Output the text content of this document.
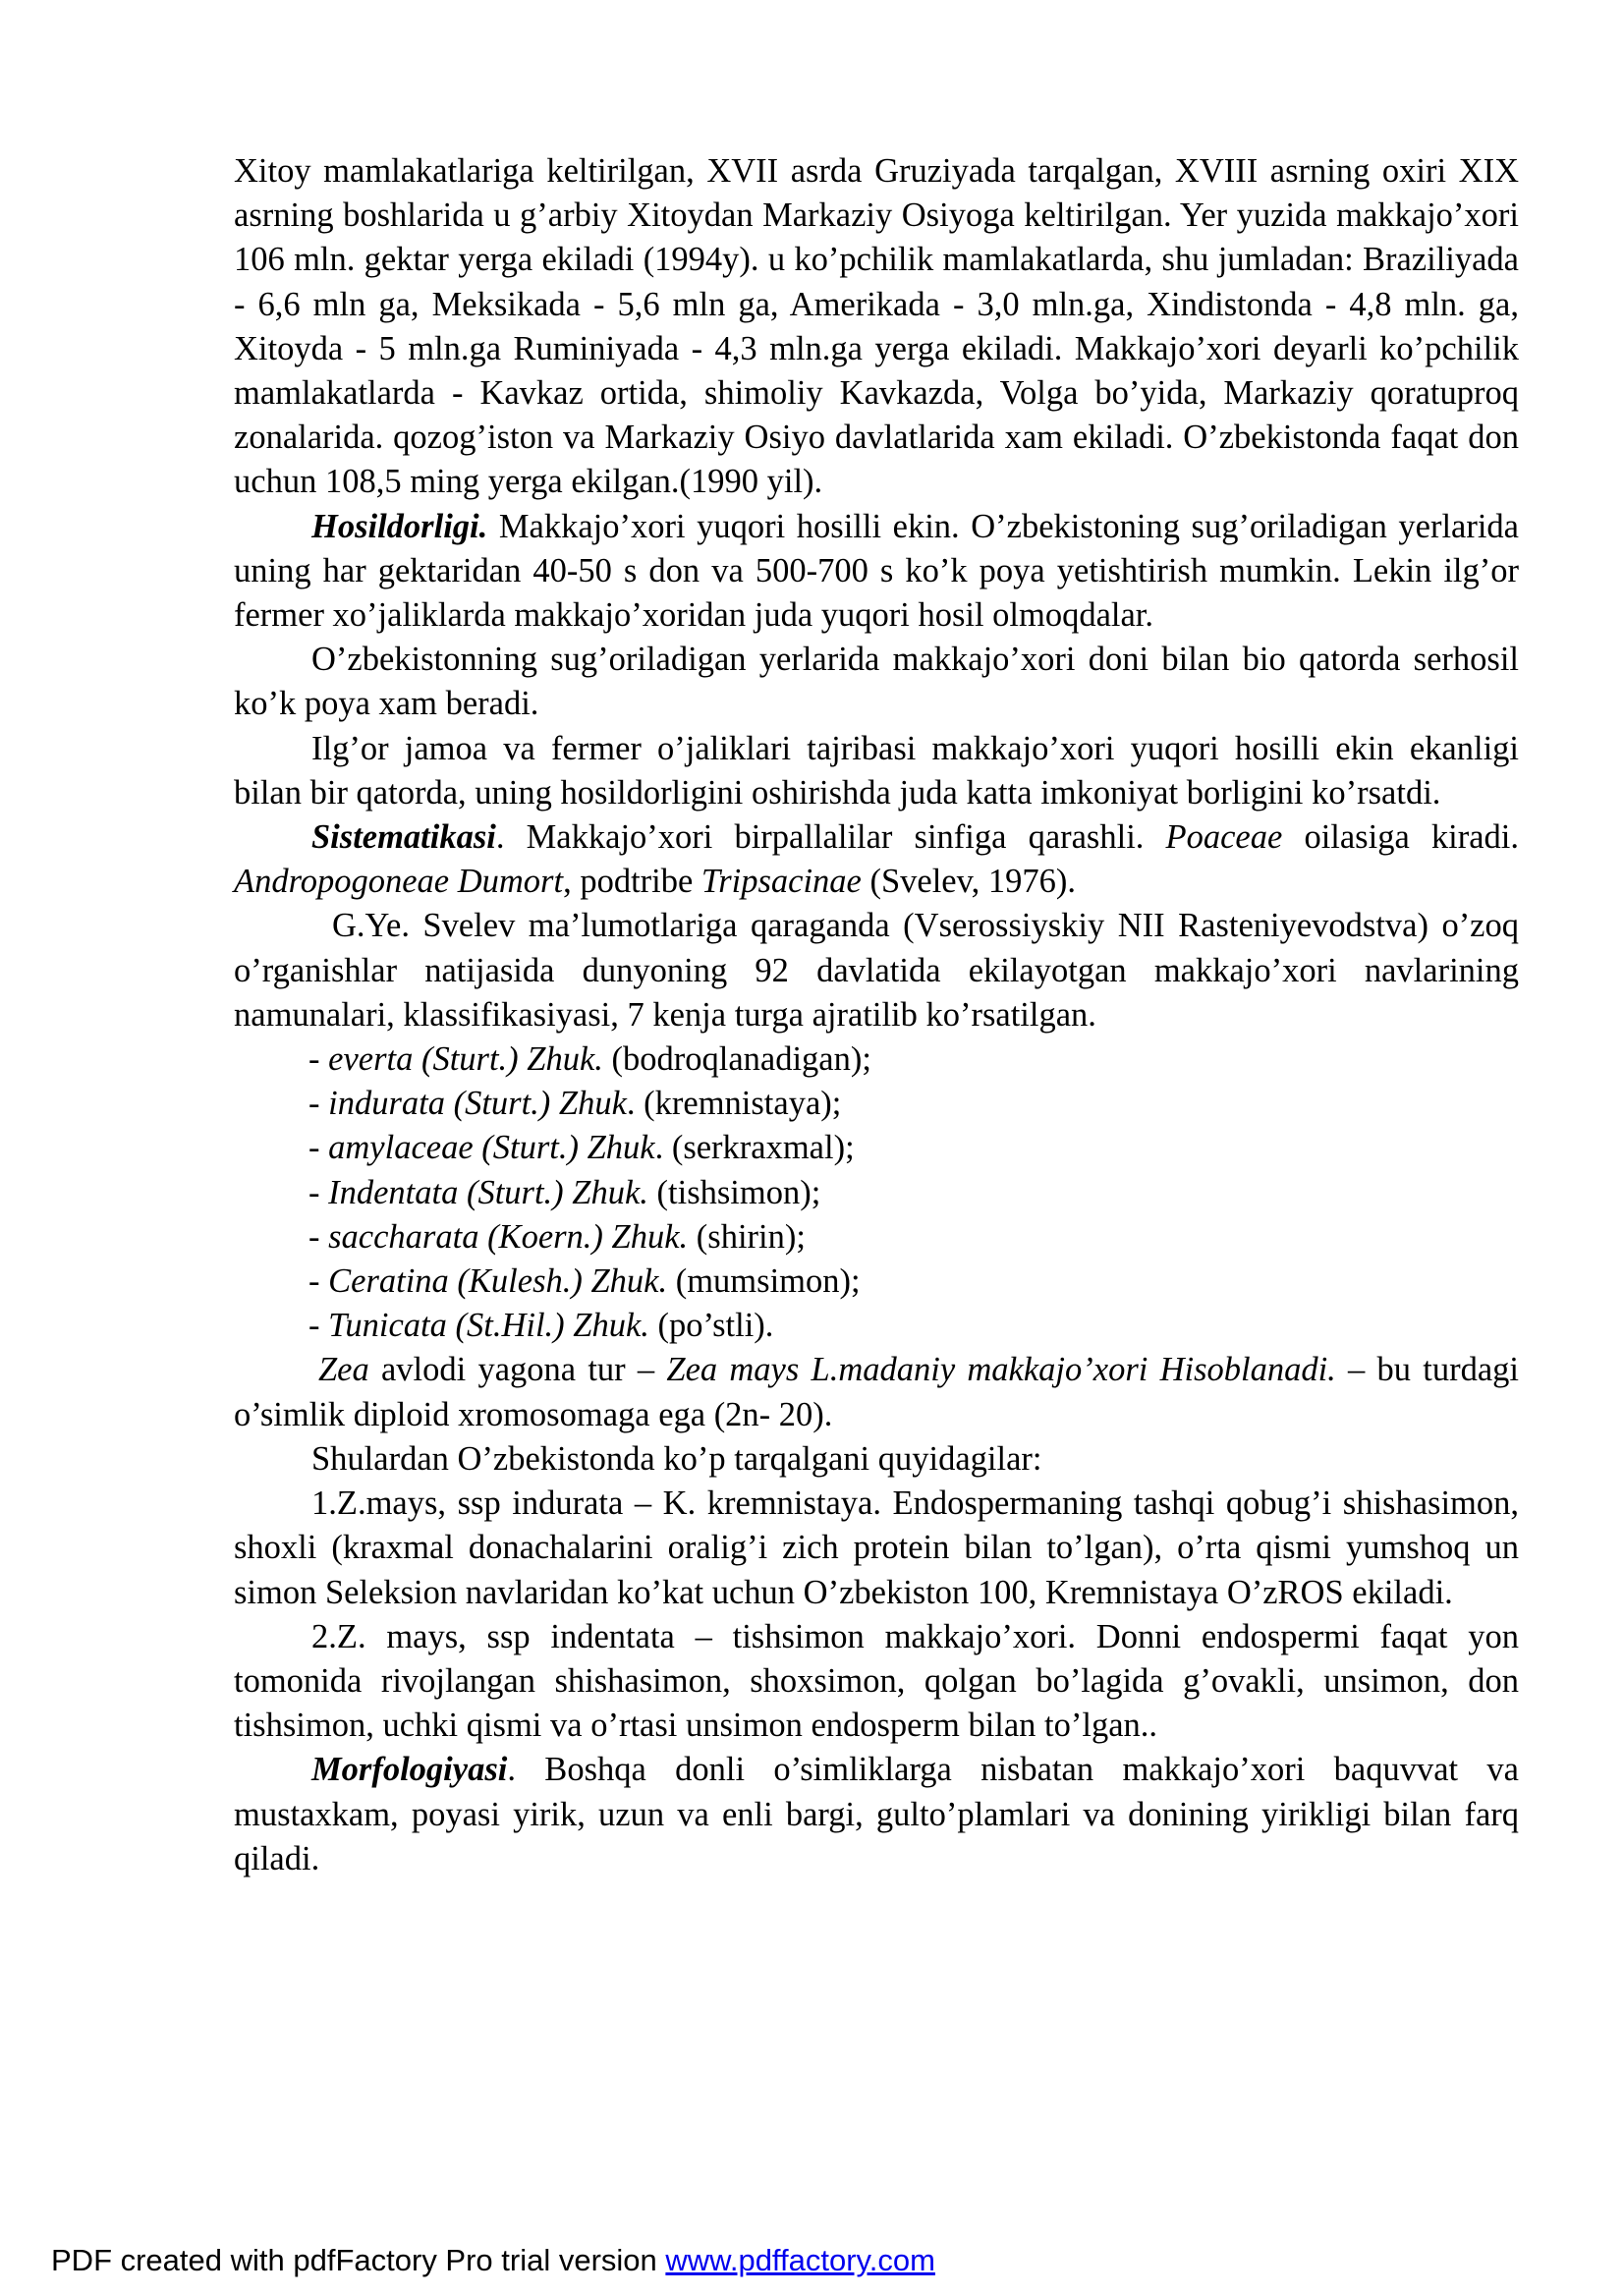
Xitoy mamlakatlariga keltirilgan, XVII asrda Gruziyada tarqalgan, XVIII asrning oxiri XIX asrning boshlarida u g’arbiy Xitoydan Markaziy Osiyoga keltirilgan. Yer yuzida makkajo’xori 106 mln. gektar yerga ekiladi (1994y). u ko’pchilik mamlakatlarda, shu jumladan: Braziliyada - 6,6 mln ga, Meksikada - 5,6 mln ga, Amerikada - 3,0 mln.ga, Xindistonda - 4,8 mln. ga, Xitoyda - 5 mln.ga Ruminiyada - 4,3 mln.ga yerga ekiladi. Makkajo’xori deyarli ko’pchilik mamlakatlarda - Kavkaz ortida, shimoliy Kavkazda, Volga bo’yida, Markaziy qoratuproq zonalarida. qozog’iston va Markaziy Osiyo davlatlarida xam ekiladi. O’zbekistonda faqat don uchun 108,5 ming yerga ekilgan.(1990 yil).

Hosildorligi. Makkajo’xori yuqori hosilli ekin. O’zbekistoning sug’oriladigan yerlarida uning har gektaridan 40-50 s don va 500-700 s ko’k poya yetishtirish mumkin. Lekin ilg’or fermer xo’jaliklarda makkajo’xoridan juda yuqori hosil olmoqdalar.

O’zbekistonning sug’oriladigan yerlarida makkajo’xori doni bilan bio qatorda serhosil ko’k poya xam beradi.

Ilg’or jamoa va fermer o’jaliklari tajribasi makkajo’xori yuqori hosilli ekin ekanligi bilan bir qatorda, uning hosildorligini oshirishda juda katta imkoniyat borligini ko’rsatdi.

Sistematikasi. Makkajo’xori birpallalilar sinfiga qarashli. Poaceae oilasiga kiradi. Andropogoneae Dumort, podtribe Tripsacinae (Svelev, 1976).

G.Ye. Svelev ma’lumotlariga qaraganda (Vserossiyskiy NII Rasteniyevodstva) o’zoq o’rganishlar natijasida dunyoning 92 davlatida ekilayotgan makkajo’xori navlarining namunalari, klassifikasiyasi, 7 kenja turga ajratilib ko’rsatilgan.

- everta (Sturt.) Zhuk. (bodroqlanadigan);

- indurata (Sturt.) Zhuk. (kremnistaya);

- amylaceae (Sturt.) Zhuk. (serkraxmal);

- Indentata (Sturt.) Zhuk. (tishsimon);

- saccharata (Koern.) Zhuk. (shirin);

- Ceratina (Kulesh.) Zhuk. (mumsimon);

- Tunicata (St.Hil.) Zhuk. (po’stli).

Zea avlodi yagona tur – Zea mays L.madaniy makkajo’xori Hisoblanadi. – bu turdagi o’simlik diploid xromosomaga ega (2n- 20).

Shulardan O’zbekistonda ko’p tarqalgani quyidagilar:

1.Z.mays, ssp indurata – K. kremnistaya. Endospermaning tashqi qobug’i shishasimon, shoxli (kraxmal donachalarini oralig’i zich protein bilan to’lgan), o’rta qismi yumshoq un simon Seleksion navlaridan ko’kat uchun O’zbekiston 100, Kremnistaya O’zROS ekiladi.

2.Z. mays, ssp indentata – tishsimon makkajo’xori. Donni endospermi faqat yon tomonida rivojlangan shishasimon, shoxsimon, qolgan bo’lagida g’ovakli, unsimon, don tishsimon, uchki qismi va o’rtasi unsimon endosperm bilan to’lgan..

Morfologiyasi. Boshqa donli o’simliklarga nisbatan makkajo’xori baquvvat va mustaxkam, poyasi yirik, uzun va enli bargi, gulto’plamlari va donining yirikligi bilan farq qiladi.

PDF created with pdfFactory Pro trial version www.pdffactory.com
